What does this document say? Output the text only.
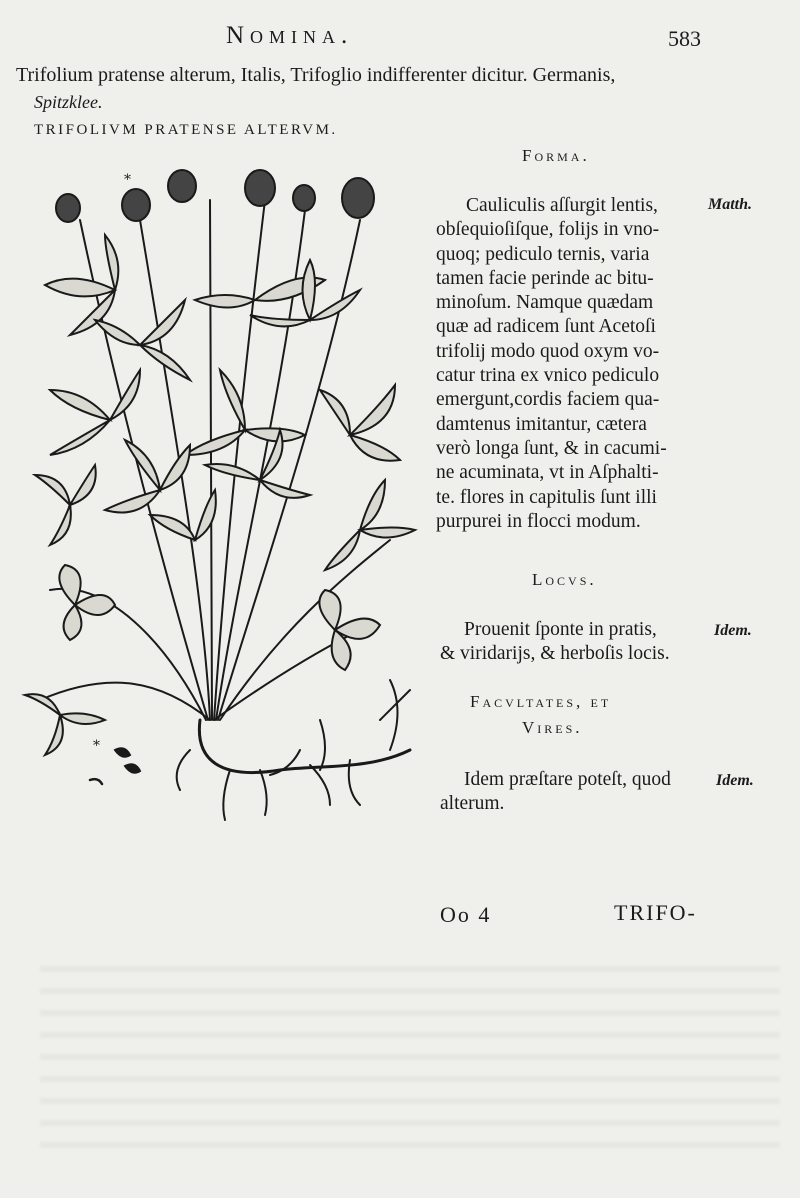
Nomina.	583
Trifolium pratense alterum, Italis, Trifoglio indifferenter dicitur. Germanis,
Spitzklee.
TRIFOLIVM PRATENSE ALTERVM.
*
*
Forma.
Cauliculis aſſurgit lentis,
obſequioſiſque, folijs in vno-
quoq; pediculo ternis, varia
tamen facie perinde ac bitu-
minoſum. Namque quædam
quæ ad radicem ſunt Acetoſi
trifolij modo quod oxym vo-
catur trina ex vnico pediculo
emergunt,cordis faciem qua-
damtenus imitantur, cætera
verò longa ſunt, & in cacumi-
ne acuminata, vt in Aſphalti-
te. flores in capitulis ſunt illi
purpurei in flocci modum.
Matth.
Locvs.
Prouenit ſponte in pratis,
& viridarijs, & herboſis locis.
Idem.
Facvltates, et
Vires.
Idem præſtare poteſt, quod
alterum.
Idem.
Oo 4	TRIFO-
